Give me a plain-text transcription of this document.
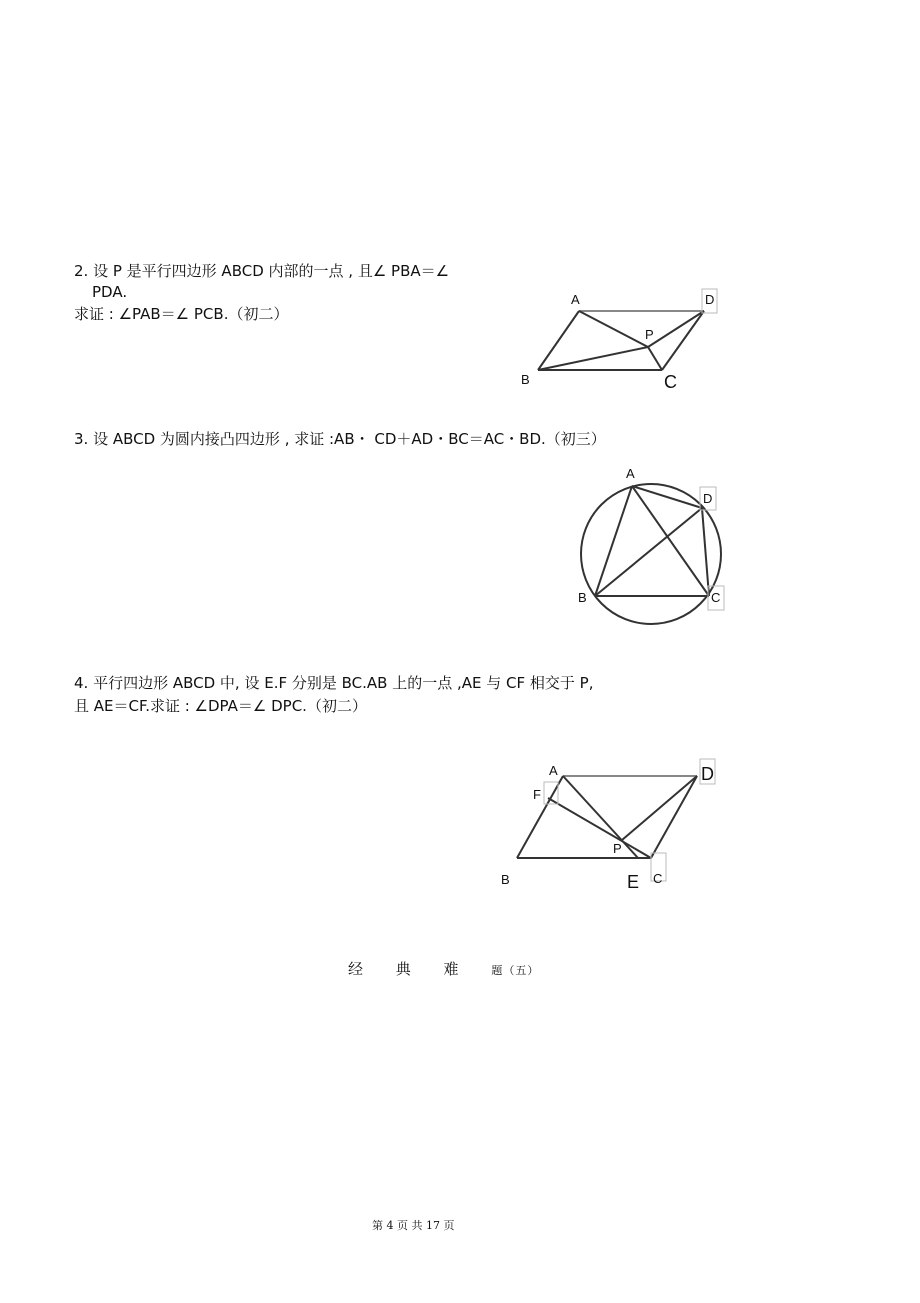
2. 设 P 是平行四边形 ABCD 内部的一点 , 且∠ PBA＝∠
PDA.
求证 : ∠PAB＝∠ PCB.（初二）
3. 设 ABCD 为圆内接凸四边形 , 求证 :AB・ CD＋AD・BC＝AC・BD.（初三）
4. 平行四边形 ABCD 中, 设 E.F 分别是 BC.AB 上的一点 ,AE 与 CF 相交于 P,
且 AE＝CF.求证 : ∠DPA＝∠ DPC.（初二）
A	D
P
B	C
A
D
B	C
A	D
F
P
B	E C
经 典 难 题（五）
第 4 页 共 17 页
